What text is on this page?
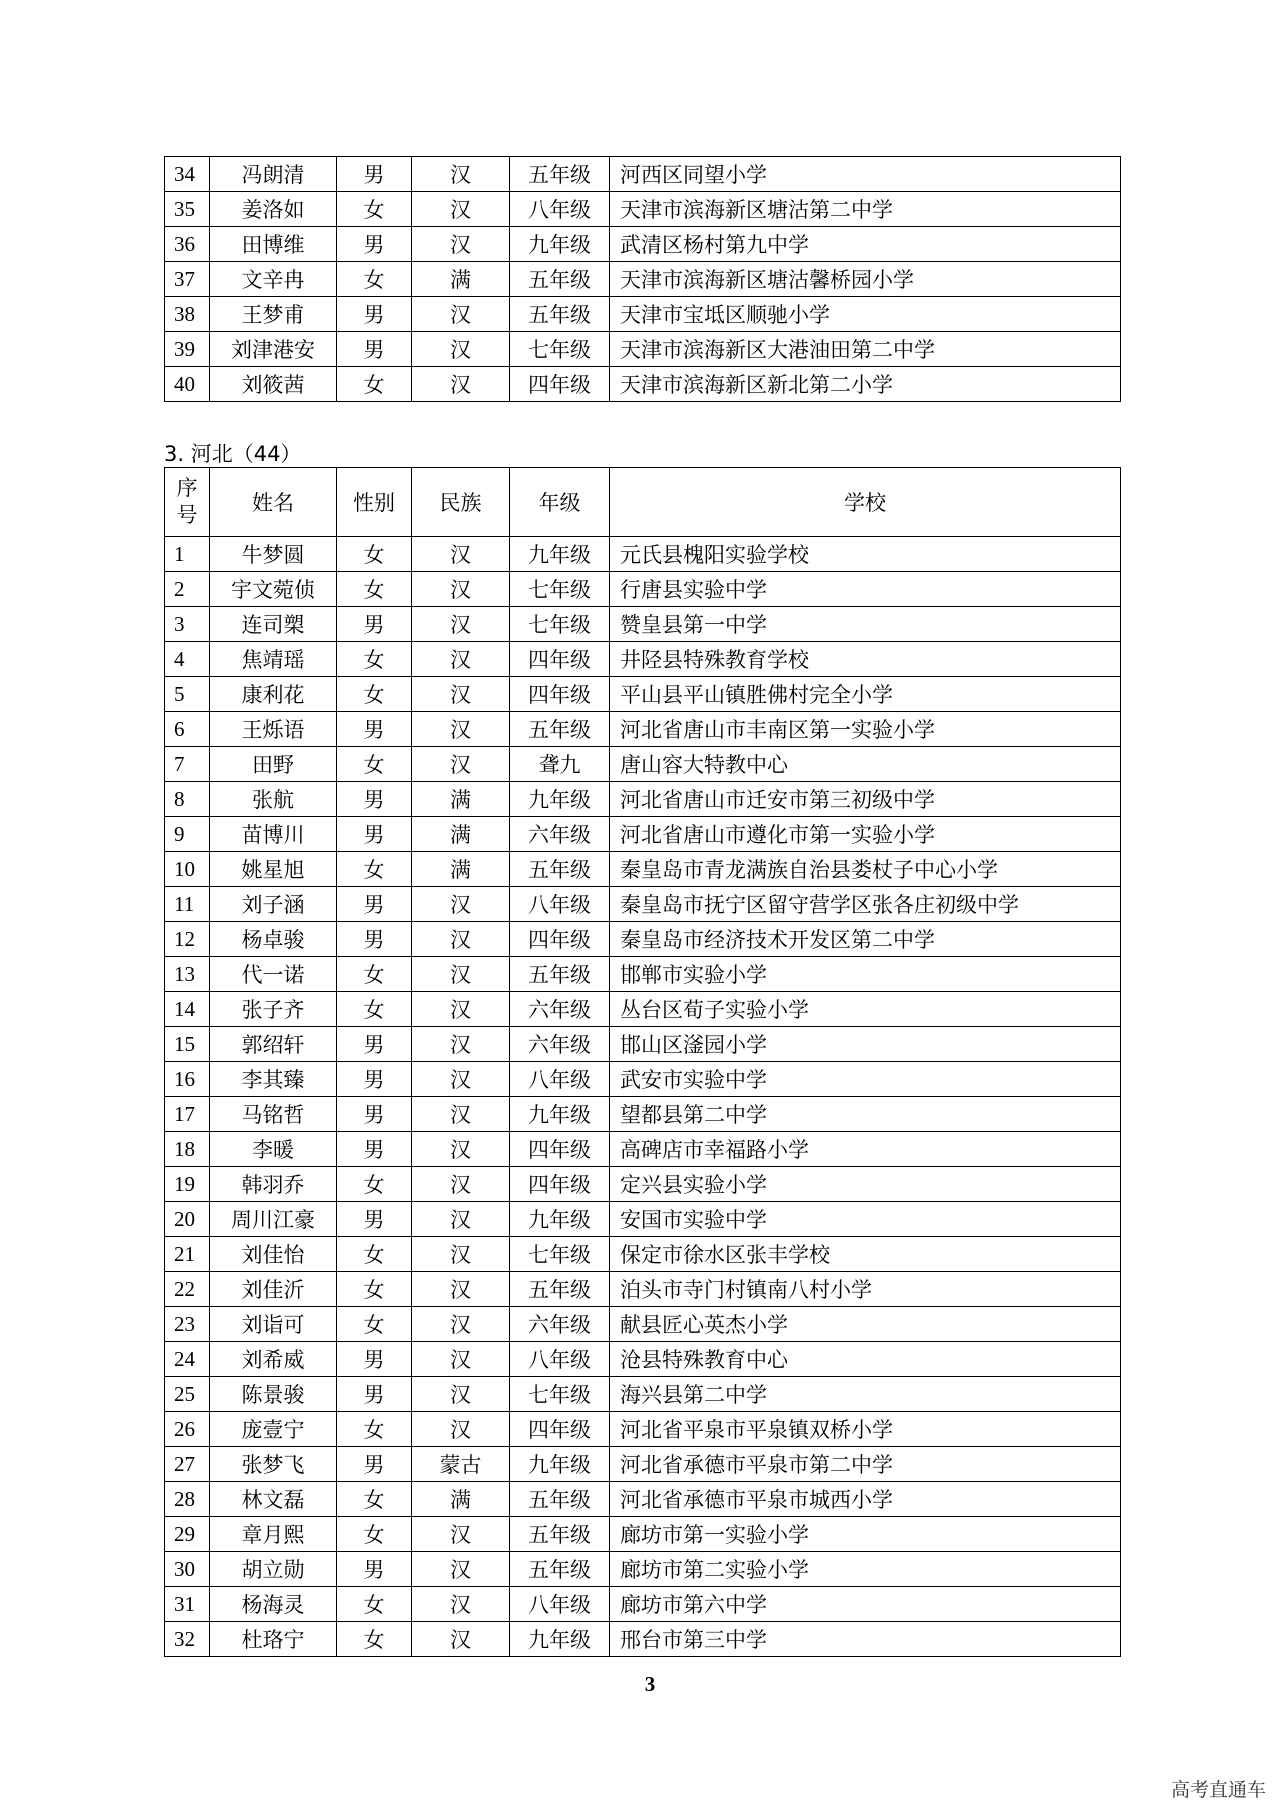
34	冯朗清	男	汉	五年级	河西区同望小学
35	姜洛如	女	汉	八年级	天津市滨海新区塘沽第二中学
36	田博维	男	汉	九年级	武清区杨村第九中学
37	文辛冉	女	满	五年级	天津市滨海新区塘沽馨桥园小学
38	王梦甫	男	汉	五年级	天津市宝坻区顺驰小学
39	刘津港安	男	汉	七年级	天津市滨海新区大港油田第二中学
40	刘筱茜	女	汉	四年级	天津市滨海新区新北第二小学
3. 河北（44）
序号	姓名	性别	民族	年级	学校
1	牛梦圆	女	汉	九年级	元氏县槐阳实验学校
2	宇文菀侦	女	汉	七年级	行唐县实验中学
3	连司槊	男	汉	七年级	赞皇县第一中学
4	焦靖瑶	女	汉	四年级	井陉县特殊教育学校
5	康利花	女	汉	四年级	平山县平山镇胜佛村完全小学
6	王烁语	男	汉	五年级	河北省唐山市丰南区第一实验小学
7	田野	女	汉	聋九	唐山容大特教中心
8	张航	男	满	九年级	河北省唐山市迁安市第三初级中学
9	苗博川	男	满	六年级	河北省唐山市遵化市第一实验小学
10	姚星旭	女	满	五年级	秦皇岛市青龙满族自治县娄杖子中心小学
11	刘子涵	男	汉	八年级	秦皇岛市抚宁区留守营学区张各庄初级中学
12	杨卓骏	男	汉	四年级	秦皇岛市经济技术开发区第二中学
13	代一诺	女	汉	五年级	邯郸市实验小学
14	张子齐	女	汉	六年级	丛台区荀子实验小学
15	郭绍轩	男	汉	六年级	邯山区滏园小学
16	李其臻	男	汉	八年级	武安市实验中学
17	马铭哲	男	汉	九年级	望都县第二中学
18	李暖	男	汉	四年级	高碑店市幸福路小学
19	韩羽乔	女	汉	四年级	定兴县实验小学
20	周川江豪	男	汉	九年级	安国市实验中学
21	刘佳怡	女	汉	七年级	保定市徐水区张丰学校
22	刘佳沂	女	汉	五年级	泊头市寺门村镇南八村小学
23	刘诣可	女	汉	六年级	献县匠心英杰小学
24	刘希威	男	汉	八年级	沧县特殊教育中心
25	陈景骏	男	汉	七年级	海兴县第二中学
26	庞壹宁	女	汉	四年级	河北省平泉市平泉镇双桥小学
27	张梦飞	男	蒙古	九年级	河北省承德市平泉市第二中学
28	林文磊	女	满	五年级	河北省承德市平泉市城西小学
29	章月熙	女	汉	五年级	廊坊市第一实验小学
30	胡立勋	男	汉	五年级	廊坊市第二实验小学
31	杨海灵	女	汉	八年级	廊坊市第六中学
32	杜珞宁	女	汉	九年级	邢台市第三中学
3
高考直通车
